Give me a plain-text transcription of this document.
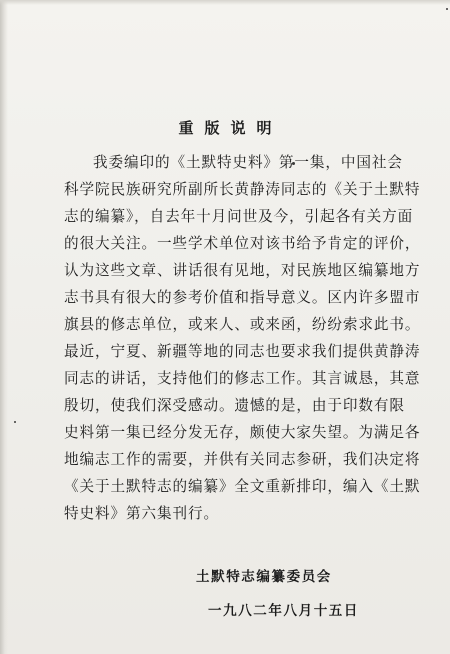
重版说明
我委编印的《土默特史料》第一集，中国社会
科学院民族研究所副所长黄静涛同志的《关于土默特
志的编纂》，自去年十月问世及今，引起各有关方面
的很大关注。一些学术单位对该书给予肯定的评价，
认为这些文章、讲话很有见地，对民族地区编纂地方
志书具有很大的参考价值和指导意义。区内许多盟市
旗县的修志单位，或来人、或来函，纷纷索求此书。
最近，宁夏、新疆等地的同志也要求我们提供黄静涛
同志的讲话，支持他们的修志工作。其言诚恳，其意
殷切，使我们深受感动。遗憾的是，由于印数有限
史料第一集已经分发无存，颇使大家失望。为满足各
地编志工作的需要，并供有关同志参研，我们决定将
《关于土默特志的编纂》全文重新排印，编入《土默
特史料》第六集刊行。
土默特志编纂委员会
一九八二年八月十五日
